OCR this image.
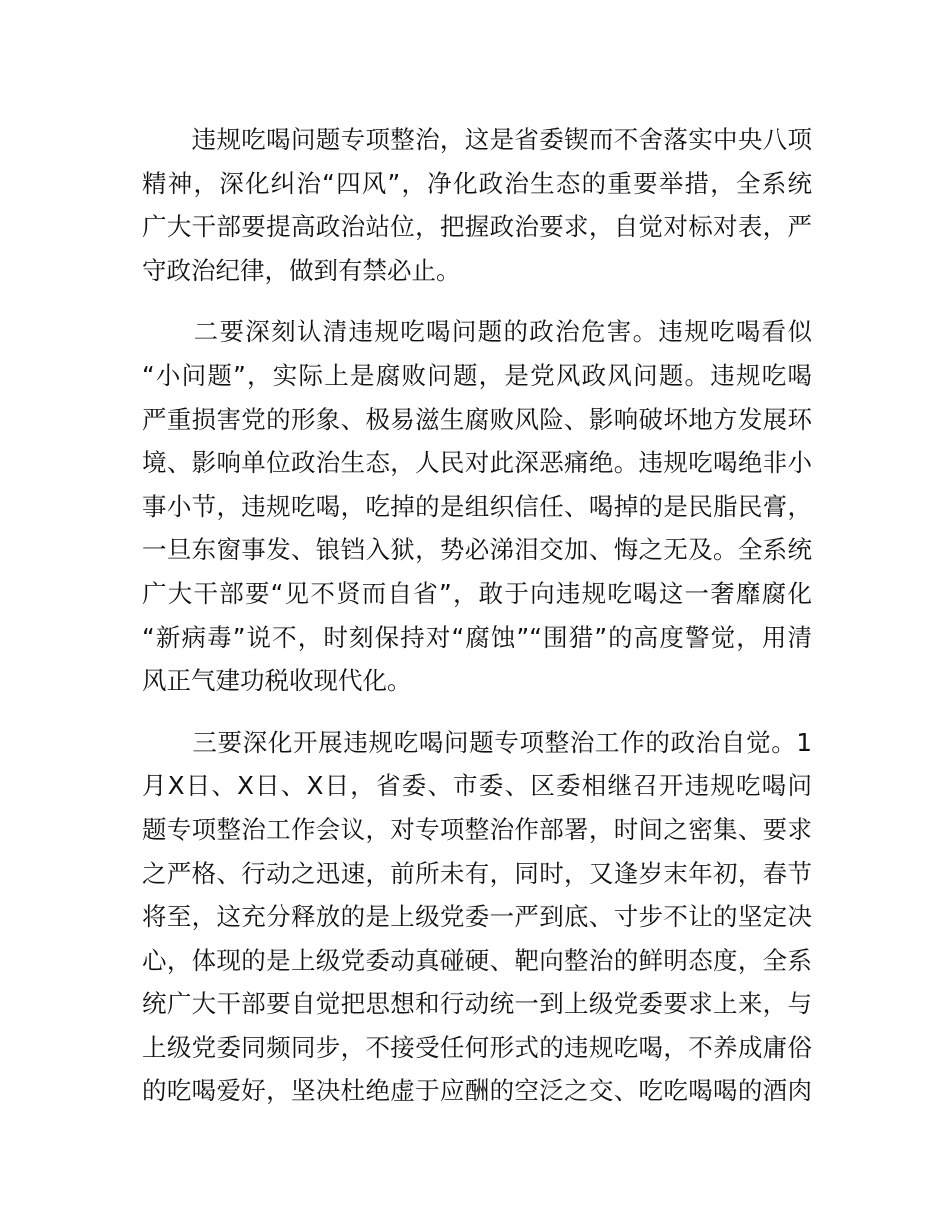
　　违规吃喝问题专项整治，这是省委锲而不舍落实中央八项
精神，深化纠治“四风”，净化政治生态的重要举措，全系统
广大干部要提高政治站位，把握政治要求，自觉对标对表，严
守政治纪律，做到有禁必止。

　　二要深刻认清违规吃喝问题的政治危害。违规吃喝看似
“小问题”，实际上是腐败问题，是党风政风问题。违规吃喝
严重损害党的形象、极易滋生腐败风险、影响破坏地方发展环
境、影响单位政治生态，人民对此深恶痛绝。违规吃喝绝非小
事小节，违规吃喝，吃掉的是组织信任、喝掉的是民脂民膏，
一旦东窗事发、锒铛入狱，势必涕泪交加、悔之无及。全系统
广大干部要“见不贤而自省”，敢于向违规吃喝这一奢靡腐化
“新病毒”说不，时刻保持对“腐蚀”“围猎”的高度警觉，用清
风正气建功税收现代化。

　　三要深化开展违规吃喝问题专项整治工作的政治自觉。1
月X日、X日、X日，省委、市委、区委相继召开违规吃喝问
题专项整治工作会议，对专项整治作部署，时间之密集、要求
之严格、行动之迅速，前所未有，同时，又逢岁末年初，春节
将至，这充分释放的是上级党委一严到底、寸步不让的坚定决
心，体现的是上级党委动真碰硬、靶向整治的鲜明态度，全系
统广大干部要自觉把思想和行动统一到上级党委要求上来，与
上级党委同频同步，不接受任何形式的违规吃喝，不养成庸俗
的吃喝爱好，坚决杜绝虚于应酬的空泛之交、吃吃喝喝的酒肉
